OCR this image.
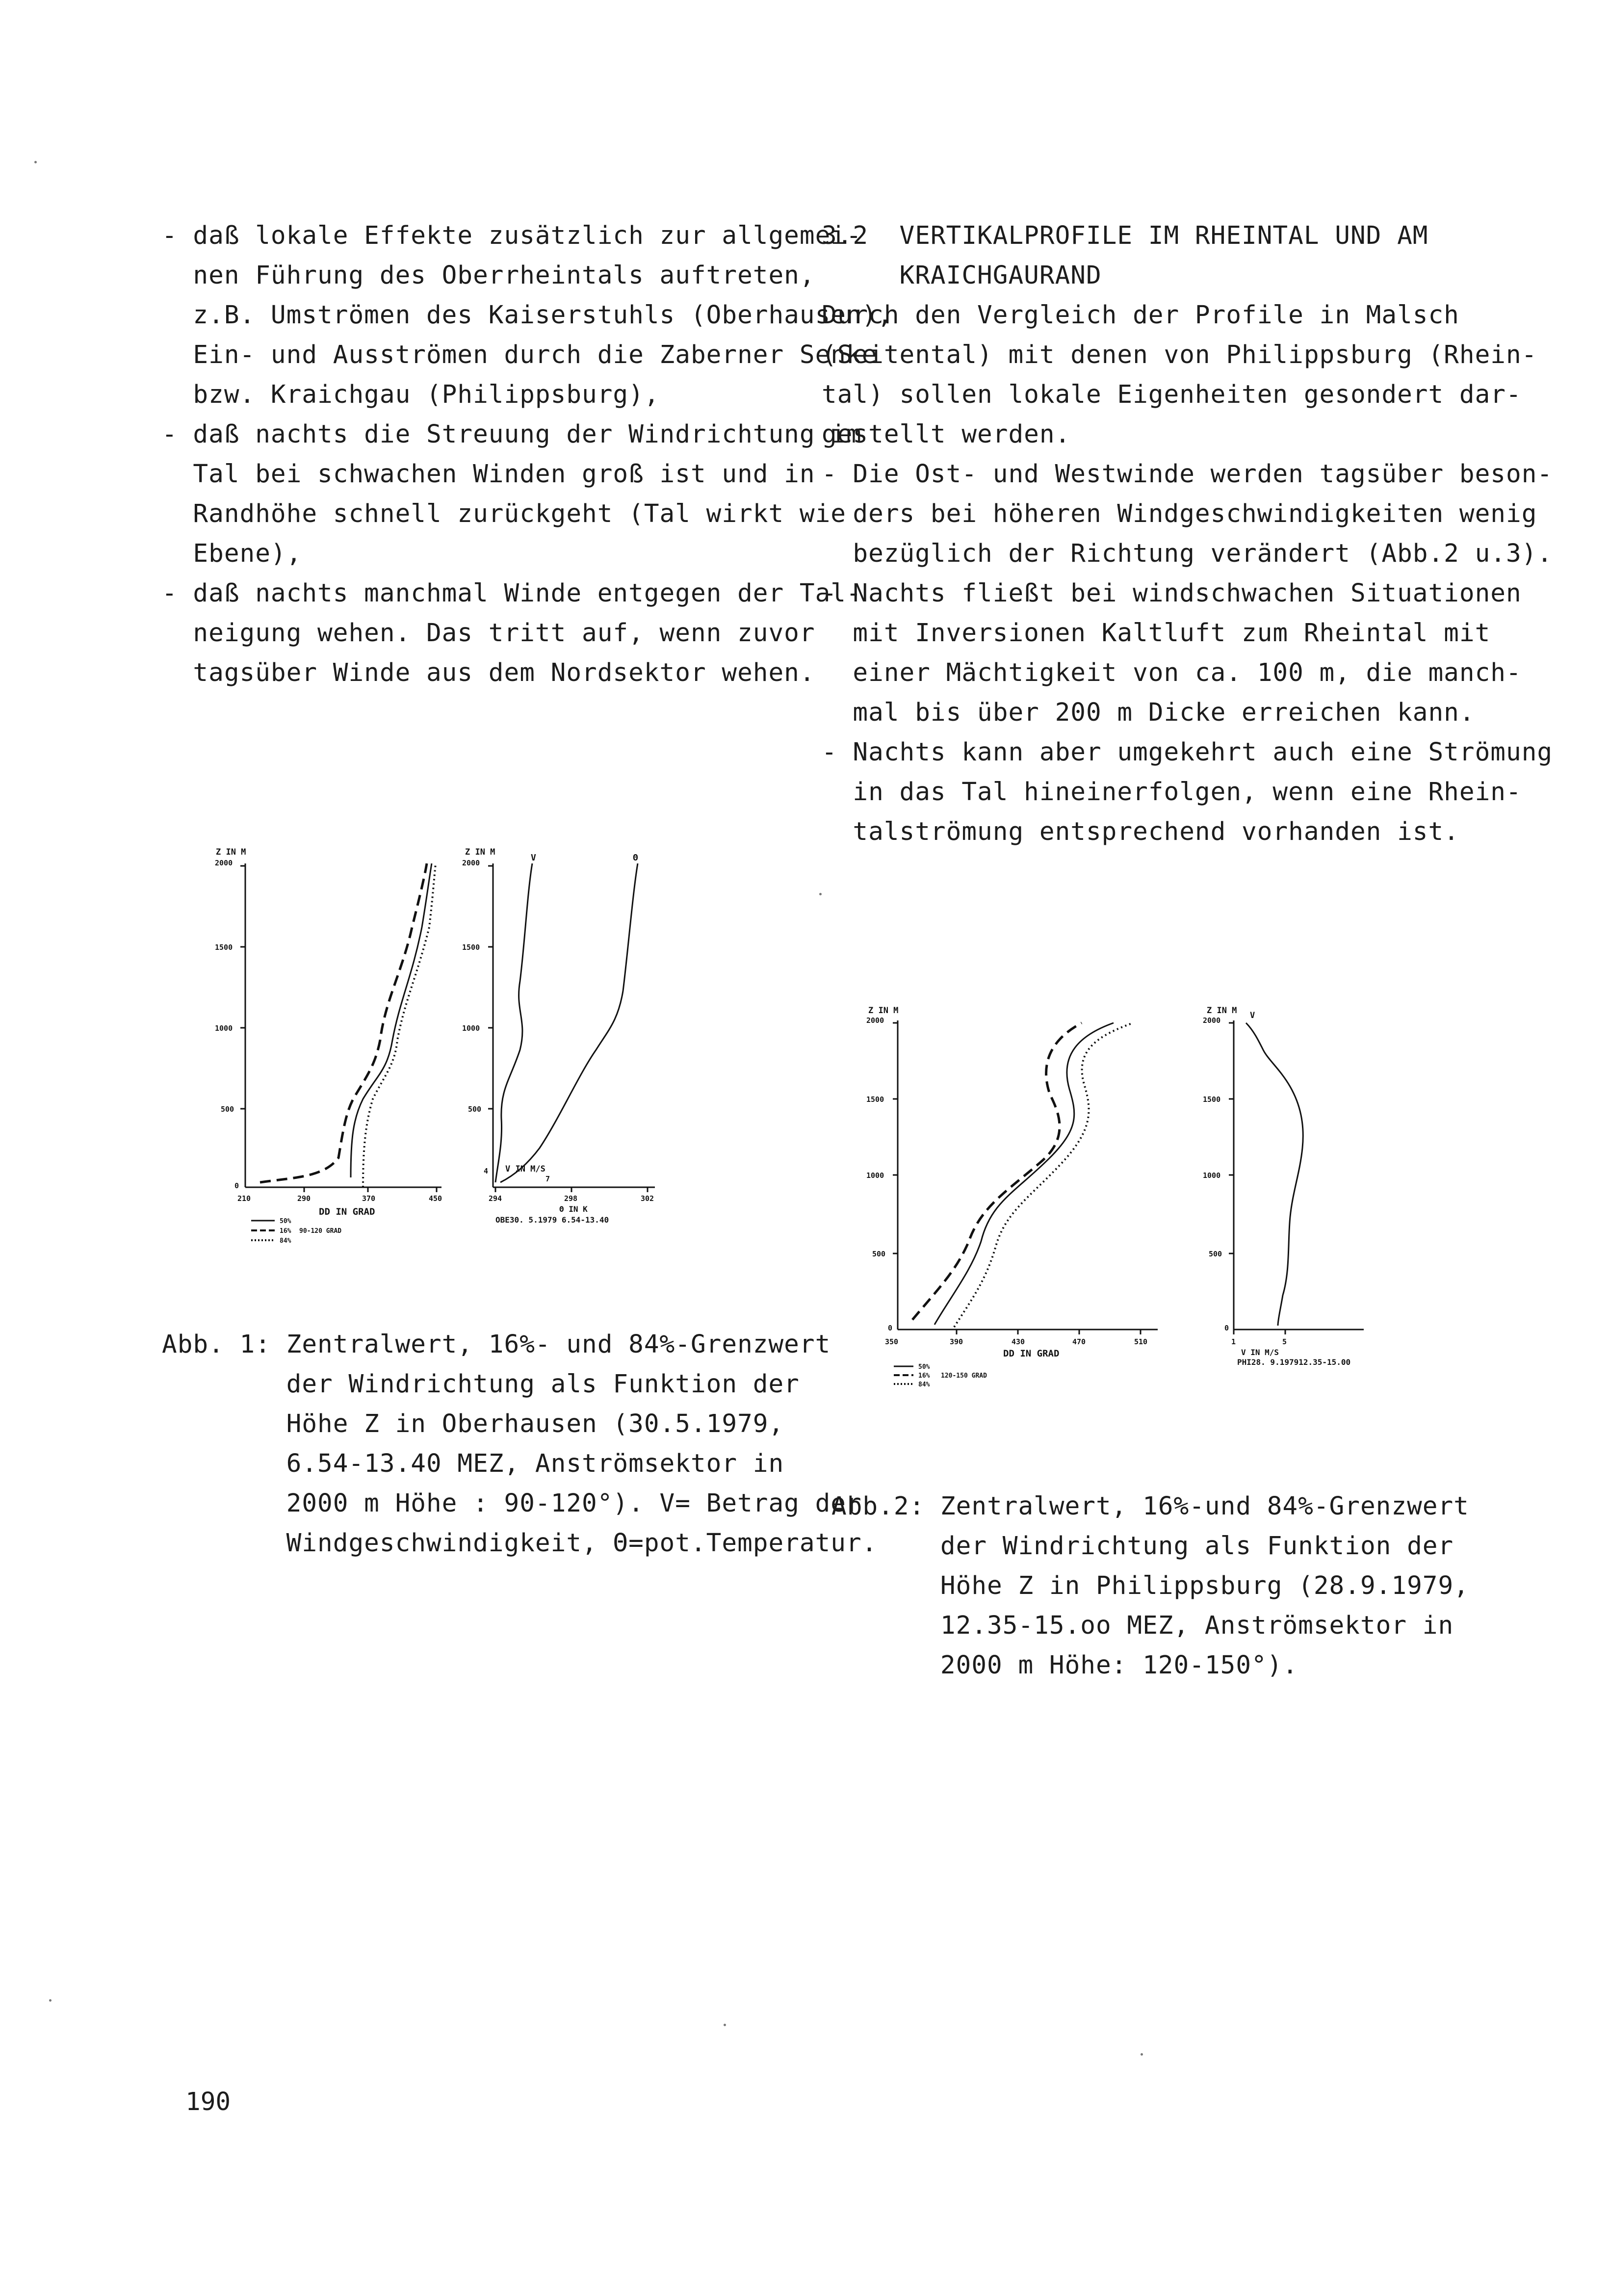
- daß lokale Effekte zusätzlich zur allgemei-
nen Führung des Oberrheintals auftreten,
z.B. Umströmen des Kaiserstuhls (Oberhausen),
Ein- und Ausströmen durch die Zaberner Senke
bzw. Kraichgau (Philippsburg),
- daß nachts die Streuung der Windrichtung im
Tal bei schwachen Winden groß ist und in
Randhöhe schnell zurückgeht (Tal wirkt wie
Ebene),
- daß nachts manchmal Winde entgegen der Tal-
neigung wehen. Das tritt auf, wenn zuvor
tagsüber Winde aus dem Nordsektor wehen.
3.2  VERTIKALPROFILE IM RHEINTAL UND AM
KRAICHGAURAND
Durch den Vergleich der Profile in Malsch
(Seitental) mit denen von Philippsburg (Rhein-
tal) sollen lokale Eigenheiten gesondert dar-
gestellt werden.
- Die Ost- und Westwinde werden tagsüber beson-
ders bei höheren Windgeschwindigkeiten wenig
bezüglich der Richtung verändert (Abb.2 u.3).
- Nachts fließt bei windschwachen Situationen
mit Inversionen Kaltluft zum Rheintal mit
einer Mächtigkeit von ca. 100 m, die manch-
mal bis über 200 m Dicke erreichen kann.
- Nachts kann aber umgekehrt auch eine Strömung
in das Tal hineinerfolgen, wenn eine Rhein-
talströmung entsprechend vorhanden ist.
Z IN M
2000
1500
1000
500
0
210	290	370	450
DD IN GRAD
50%
16% 90-120 GRAD
84%
Z IN M
2000
1500
1000
500
4
V	Θ
294	298	302
Θ IN K
OBE30. 5.1979 6.54-13.40
V IN M/S
7
Abb. 1: Zentralwert, 16%- und 84%-Grenzwert
der Windrichtung als Funktion der
Höhe Z in Oberhausen (30.5.1979,
6.54-13.40 MEZ, Anströmsektor in
2000 m Höhe : 90-120°). V= Betrag der
Windgeschwindigkeit, Θ=pot.Temperatur.
Z IN M
2000
1500
1000
500
0
350	390	430	470	510
DD IN GRAD
50%
16% 120-150 GRAD
84%
Z IN M
2000
1500
1000
500
0
V
1	5
V IN M/S
PHI28. 9.197912.35-15.00
Abb.2: Zentralwert, 16%-und 84%-Grenzwert
der Windrichtung als Funktion der
Höhe Z in Philippsburg (28.9.1979,
12.35-15.oo MEZ, Anströmsektor in
2000 m Höhe: 120-150°).
190
